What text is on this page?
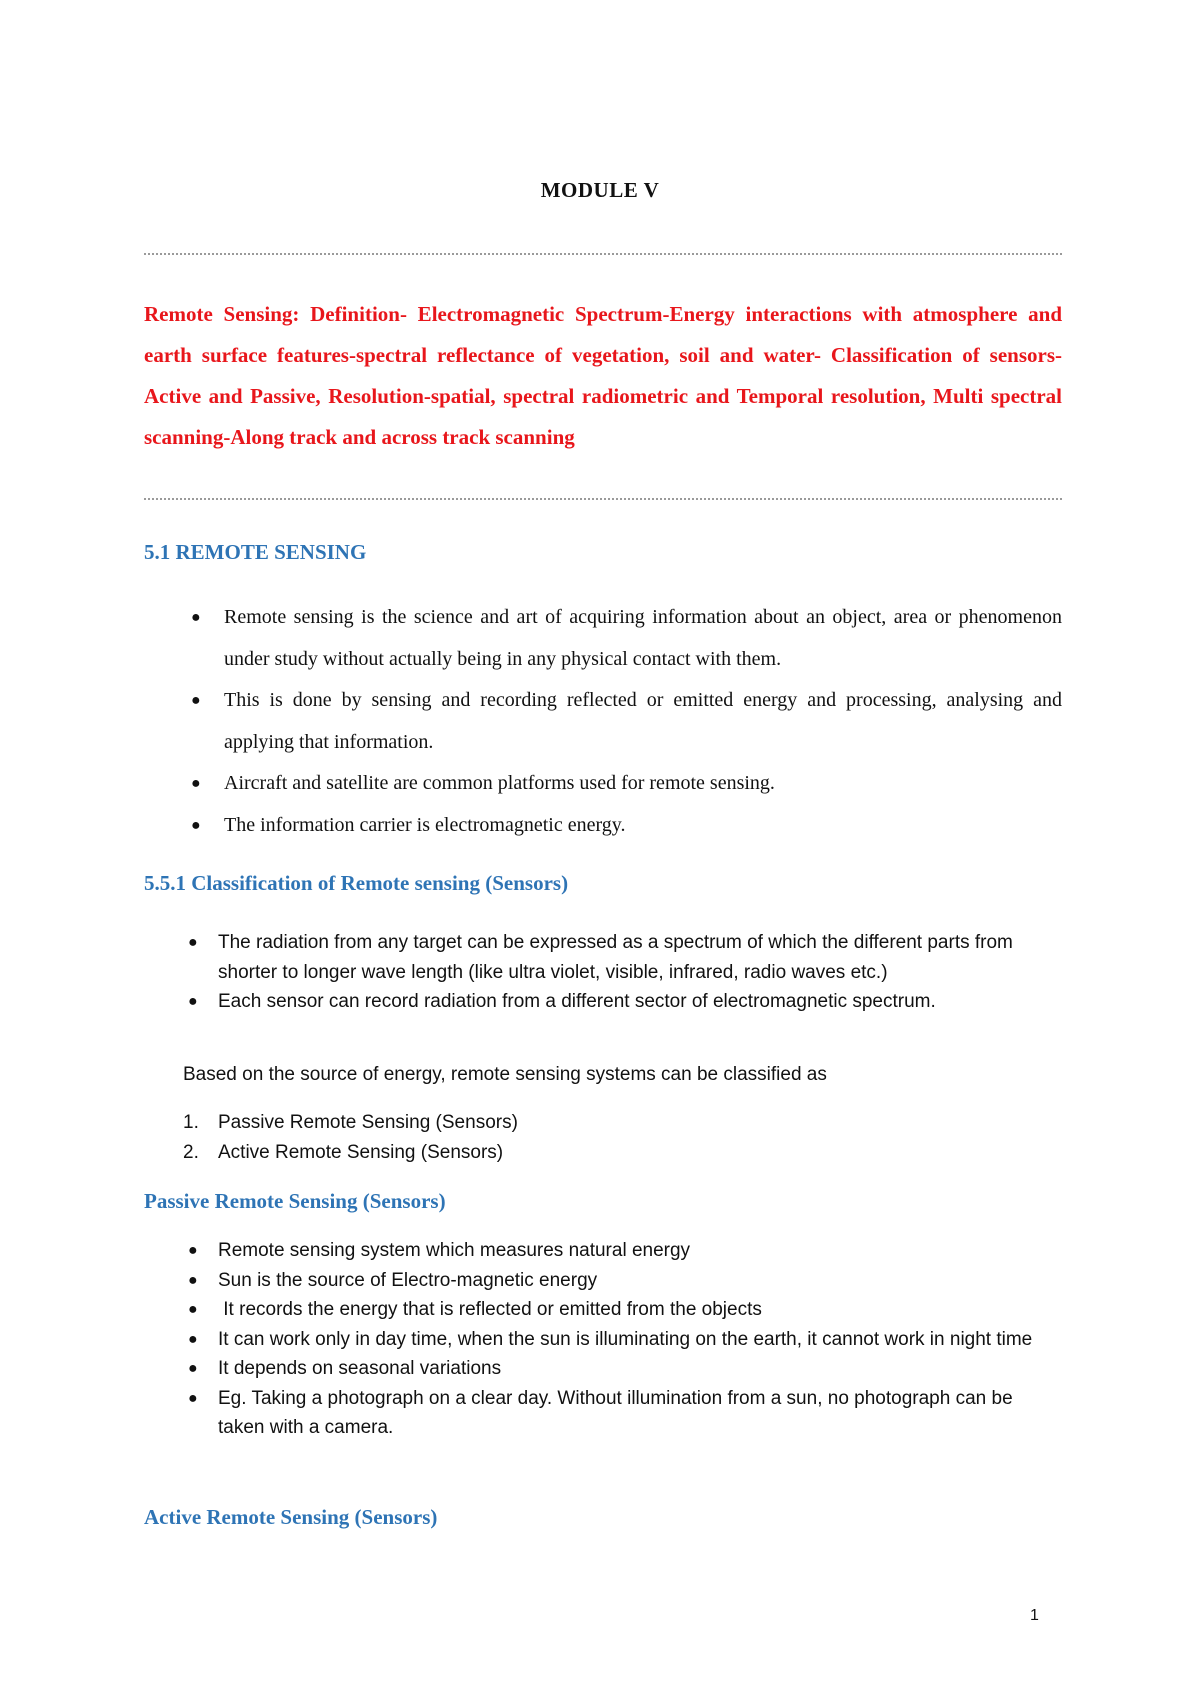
MODULE V
Remote Sensing: Definition- Electromagnetic Spectrum-Energy interactions with atmosphere and earth surface features-spectral reflectance of vegetation, soil and water- Classification of sensors- Active and Passive, Resolution-spatial, spectral radiometric and Temporal resolution, Multi spectral scanning-Along track and across track scanning
5.1 REMOTE SENSING
● Remote sensing is the science and art of acquiring information about an object, area or phenomenon under study without actually being in any physical contact with them.
● This is done by sensing and recording reflected or emitted energy and processing, analysing and applying that information.
● Aircraft and satellite are common platforms used for remote sensing.
● The information carrier is electromagnetic energy.
5.5.1 Classification of Remote sensing (Sensors)
● The radiation from any target can be expressed as a spectrum of which the different parts from shorter to longer wave length (like ultra violet, visible, infrared, radio waves etc.)
● Each sensor can record radiation from a different sector of electromagnetic spectrum.
Based on the source of energy, remote sensing systems can be classified as
1. Passive Remote Sensing (Sensors)
2. Active Remote Sensing (Sensors)
Passive Remote Sensing (Sensors)
● Remote sensing system which measures natural energy
● Sun is the source of Electro-magnetic energy
● It records the energy that is reflected or emitted from the objects
● It can work only in day time, when the sun is illuminating on the earth, it cannot work in night time
● It depends on seasonal variations
● Eg. Taking a photograph on a clear day. Without illumination from a sun, no photograph can be taken with a camera.
Active Remote Sensing (Sensors)
1
